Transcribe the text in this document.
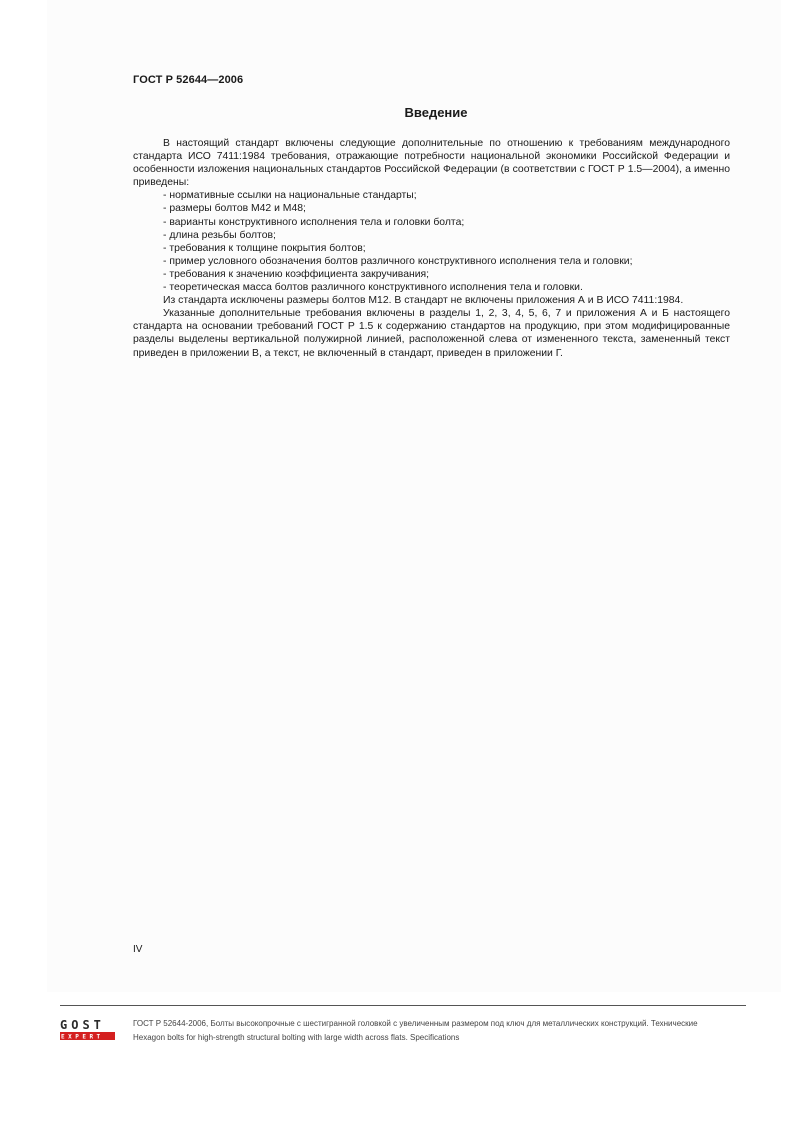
ГОСТ Р 52644—2006
Введение

В настоящий стандарт включены следующие дополнительные по отношению к требованиям международного стандарта ИСО 7411:1984 требования, отражающие потребности национальной экономики Российской Федерации и особенности изложения национальных стандартов Российской Федерации (в соответствии с ГОСТ Р 1.5—2004), а именно приведены:

- нормативные ссылки на национальные стандарты;
- размеры болтов М42 и М48;
- варианты конструктивного исполнения тела и головки болта;
- длина резьбы болтов;
- требования к толщине покрытия болтов;
- пример условного обозначения болтов различного конструктивного исполнения тела и головки;
- требования к значению коэффициента закручивания;
- теоретическая масса болтов различного конструктивного исполнения тела и головки.

Из стандарта исключены размеры болтов М12. В стандарт не включены приложения А и В ИСО 7411:1984.

Указанные дополнительные требования включены в разделы 1, 2, 3, 4, 5, 6, 7 и приложения А и Б настоящего стандарта на основании требований ГОСТ Р 1.5 к содержанию стандартов на продукцию, при этом модифицированные разделы выделены вертикальной полужирной линией, расположенной слева от измененного текста, замененный текст приведен в приложении В, а текст, не включенный в стандарт, приведен в приложении Г.

IV
GOST
EXPERT
ГОСТ Р 52644-2006, Болты высокопрочные с шестигранной головкой с увеличенным размером под ключ для металлических конструкций. Технические
Hexagon bolts for high-strength structural bolting with large width across flats. Specifications
